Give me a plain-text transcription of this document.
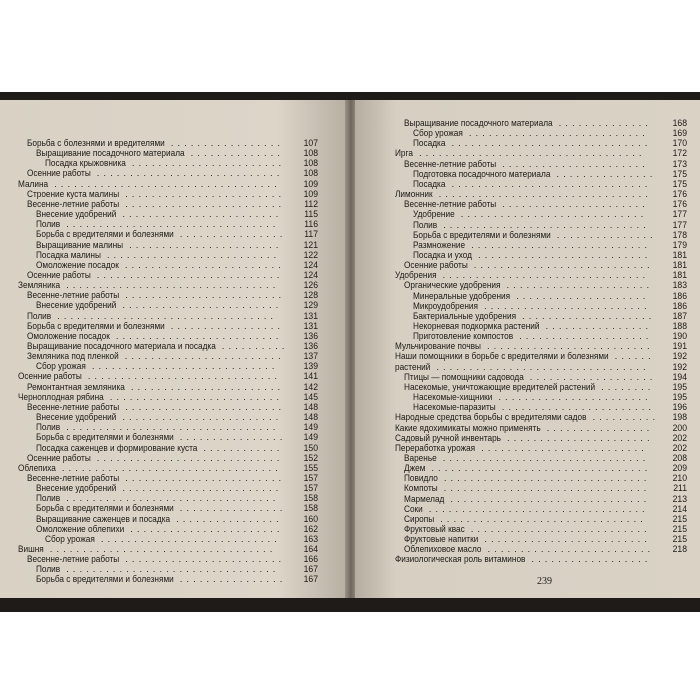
Борьба с болезнями и вредителями	107
.................
Выращивание посадочного материала	108
..............
Посадка крыжовника	108
.......................
Осенние работы	108
............................
Малина	109
..................................
Строение куста малины	109
........................
Весенне-летние работы	112
........................
Внесение удобрений	115
........................
Полив	116
................................
Борьба с вредителями и болезнями	117
................
Выращивание малины	121
.......................
Посадка малины	122
..........................
Омоложение посадок	124
........................
Осенние работы	124
............................
Земляника	126
................................
Весенне-летние работы	128
........................
Внесение удобрений	129
........................
Полив	131
.................................
Борьба с вредителями и болезнями	131
.................
Омоложение посадок	136
.........................
Выращивание посадочного материала и посадка	136
..........
Земляника под пленкой	137
........................
Сбор урожая	139
............................
Осенние работы	141
.............................
Ремонтантная земляника	142
.......................
Черноплодная рябина	145
..........................
Весенне-летние работы	148
........................
Внесение удобрений	148
........................
Полив	149
................................
Борьба с вредителями и болезнями	149
................
Посадка саженцев и формирование куста	150
............
Осенние работы	152
............................
Облепиха	155
.................................
Весенне-летние работы	157
........................
Внесение удобрений	157
........................
Полив	158
................................
Борьба с вредителями и болезнями	158
................
Выращивание саженцев и посадка	160
................
Омоложение облепихи	162
.......................
Сбор урожая	163
...........................
Вишня	164
..................................
Весенне-летние работы	166
........................
Полив	167
................................
Борьба с вредителями и болезнями	167
................
Выращивание посадочного материала	168
..............
Сбор урожая	169
...........................
Посадка	170
..............................
Ирга	172
..................................
Весенне-летние работы	173
......................
Подготовка посадочного материала	175
...............
Посадка	175
..............................
Лимонник	176
................................
Весенне-летние работы	176
......................
Удобрение	177
............................
Полив	177
...............................
Борьба с вредителями и болезнями	178
...............
Размножение	179
...........................
Посадка и уход	181
..........................
Осенние работы	181
...........................
Удобрения	181
...............................
Органические удобрения	183
......................
Минеральные удобрения	186
....................
Микроудобрения	186
.........................
Бактериальные удобрения	187
....................
Некорневая подкормка растений	188
................
Приготовление компостов	190
....................
Мульчирование почвы	191
.........................
Наши помощники в борьбе с вредителями и болезнями	192
......
растений	192
................................
Птицы — помощники садовода	194
...................
Насекомые, уничтожающие вредителей растений	195
........
Насекомые-хищники	195
.......................
Насекомые-паразиты	196
.......................
Народные средства борьбы с вредителями садов	198
..........
Какие ядохимикаты можно применять	200
................
Садовый ручной инвентарь	202
......................
Переработка урожая	202
.........................
Варенье	208
...............................
Джем	209
.................................
Повидло	210
...............................
Компоты	211
...............................
Мармелад	213
..............................
Соки	214
.................................
Сиропы	215
...............................
Фруктовый квас	215
...........................
Фруктовые напитки	215
.........................
Облепиховое масло	218
.........................
Физиологическая роль витаминов ..................
239
